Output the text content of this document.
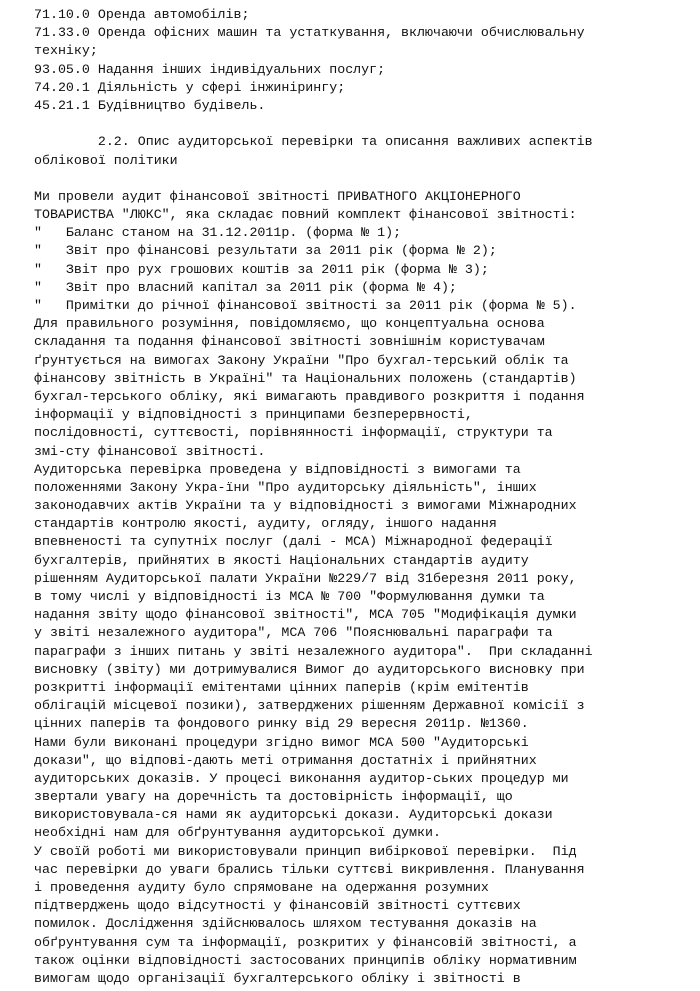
71.10.0 Оренда автомобілів;
71.33.0 Оренда офісних машин та устаткування, включаючи обчислювальну
техніку;
93.05.0 Надання інших індивідуальних послуг;
74.20.1 Діяльність у сфері інжинірингу;
45.21.1 Будівництво будівель.
2.2. Опис аудиторської перевірки та описання важливих аспектів
облікової політики
Ми провели аудит фінансової звітності ПРИВАТНОГО АКЦІОНЕРНОГО
ТОВАРИСТВА "ЛЮКС", яка складає повний комплект фінансової звітності:
"   Баланс станом на 31.12.2011р. (форма № 1);
"   Звіт про фінансові результати за 2011 рік (форма № 2);
"   Звіт про рух грошових коштів за 2011 рік (форма № 3);
"   Звіт про власний капітал за 2011 рік (форма № 4);
"   Примітки до річної фінансової звітності за 2011 рік (форма № 5).
Для правильного розуміння, повідомляємо, що концептуальна основа
складання та подання фінансової звітності зовнішнім користувачам
ґрунтується на вимогах Закону України "Про бухгал-терський облік та
фінансову звітність в Україні" та Національних положень (стандартів)
бухгал-терського обліку, які вимагають правдивого розкриття і подання
інформації у відповідності з принципами безперервності,
послідовності, суттєвості, порівнянності інформації, структури та
змі-сту фінансової звітності.
Аудиторська перевірка проведена у відповідності з вимогами та
положеннями Закону Укра-їни "Про аудиторську діяльність", інших
законодавчих актів України та у відповідності з вимогами Міжнародних
стандартів контролю якості, аудиту, огляду, іншого надання
впевненості та супутніх послуг (далі - МСА) Міжнародної федерації
бухгалтерів, прийнятих в якості Національних стандартів аудиту
рішенням Аудиторської палати України №229/7 від 31березня 2011 року,
в тому числі у відповідності із МСА № 700 "Формулювання думки та
надання звіту щодо фінансової звітності", МСА 705 "Модифікація думки
у звіті незалежного аудитора", МСА 706 "Пояснювальні параграфи та
параграфи з інших питань у звіті незалежного аудитора".  При складанні
висновку (звіту) ми дотримувалися Вимог до аудиторського висновку при
розкритті інформації емітентами цінних паперів (крім емітентів
облігацій місцевої позики), затверджених рішенням Державної комісії з
цінних паперів та фондового ринку від 29 вересня 2011р. №1360.
Нами були виконані процедури згідно вимог МСА 500 "Аудиторські
докази", що відпові-дають меті отримання достатніх і прийнятних
аудиторських доказів. У процесі виконання аудитор-ських процедур ми
звертали увагу на доречність та достовірність інформації, що
використовувала-ся нами як аудиторські докази. Аудиторські докази
необхідні нам для обґрунтування аудиторської думки.
У своїй роботі ми використовували принцип вибіркової перевірки.  Під
час перевірки до уваги брались тільки суттєві викривлення. Планування
і проведення аудиту було спрямоване на одержання розумних
підтверджень щодо відсутності у фінансовій звітності суттєвих
помилок. Дослідження здійснювалось шляхом тестування доказів на
обґрунтування сум та інформації, розкритих у фінансовій звітності, а
також оцінки відповідності застосованих принципів обліку нормативним
вимогам щодо організації бухгалтерського обліку і звітності в
